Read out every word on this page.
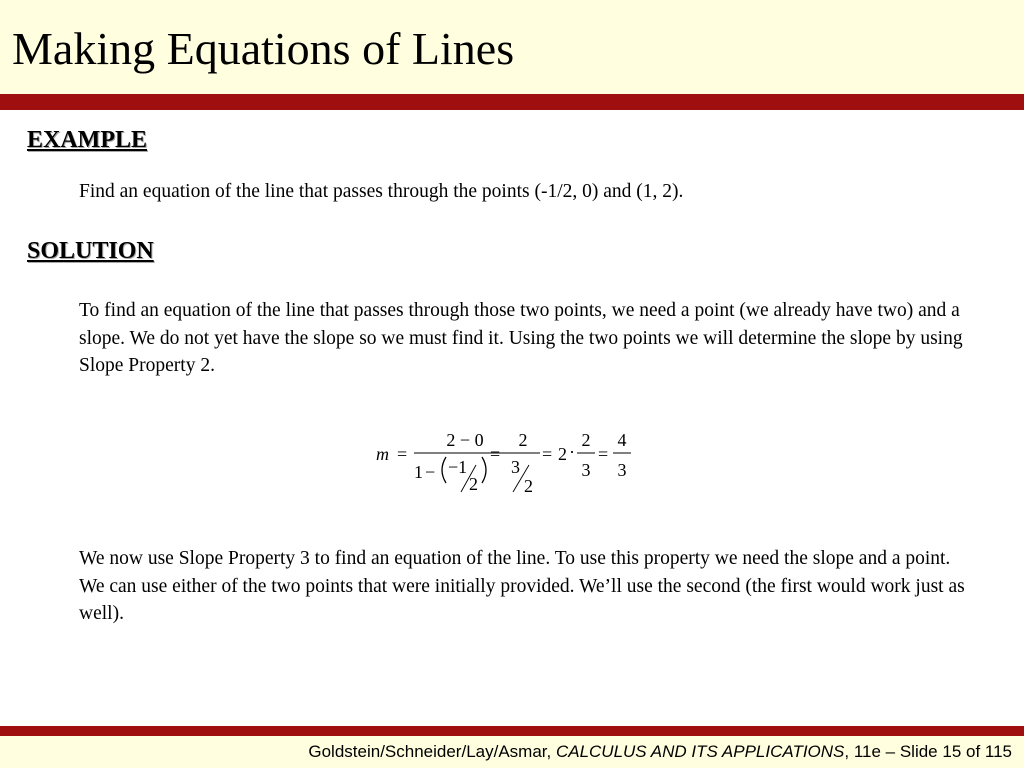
Making Equations of Lines
EXAMPLE

Find an equation of the line that passes through the points (-1/2, 0) and (1, 2).

SOLUTION

To find an equation of the line that passes through those two points, we need a point (we already have two) and a slope. We do not yet have the slope so we must find it. Using the two points we will determine the slope by using Slope Property 2.

m =
2 − 0
1 − −1
2
=
2
3
2
= 2 ·
2
3
=
4
3

We now use Slope Property 3 to find an equation of the line. To use this property we need the slope and a point. We can use either of the two points that were initially provided. We’ll use the second (the first would work just as well).

Goldstein/Schneider/Lay/Asmar, CALCULUS AND ITS APPLICATIONS, 11e – Slide 15 of 115
